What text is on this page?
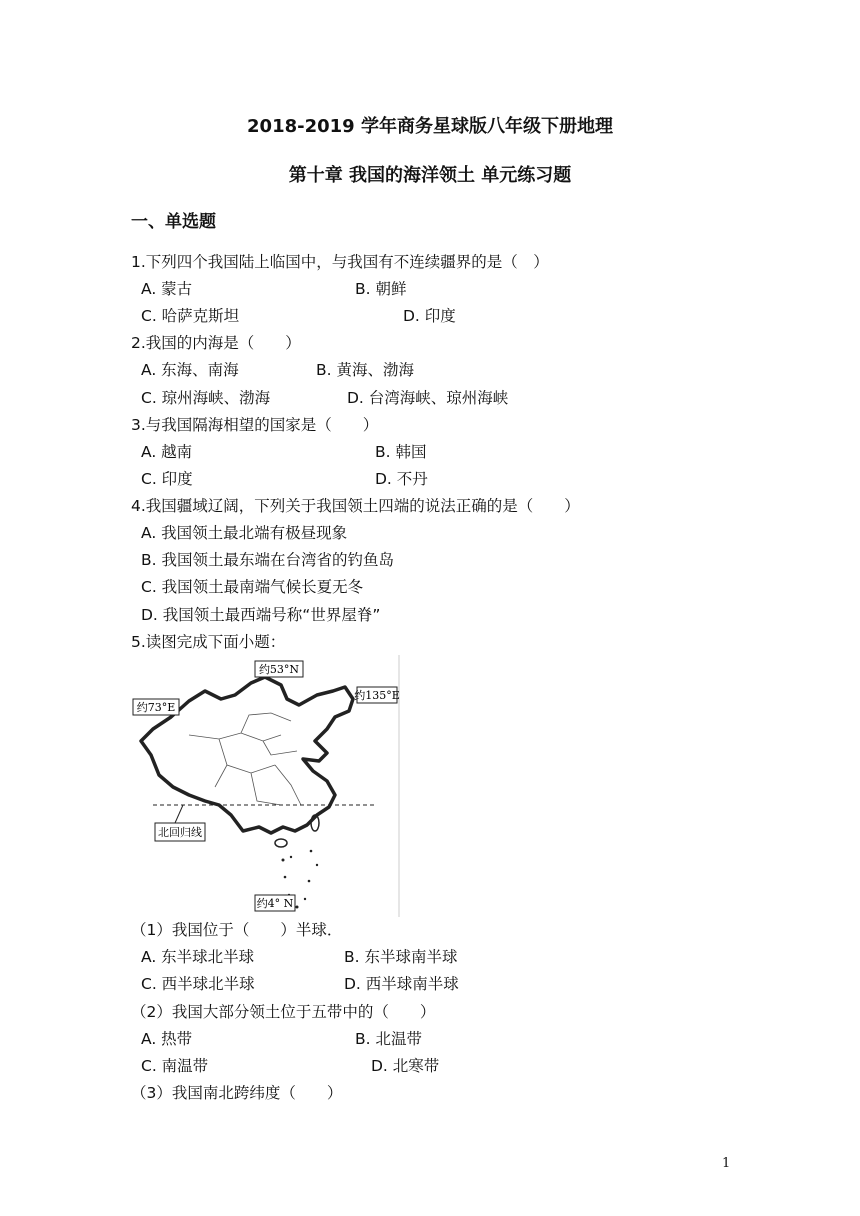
2018-2019 学年商务星球版八年级下册地理
第十章 我国的海洋领土 单元练习题
一、单选题
1.下列四个我国陆上临国中，与我国有不连续疆界的是（　）
A. 蒙古	B. 朝鲜
C. 哈萨克斯坦	D. 印度
2.我国的内海是（　　）
A. 东海、南海	B. 黄海、渤海
C. 琼州海峡、渤海	D. 台湾海峡、琼州海峡
3.与我国隔海相望的国家是（　　）
A. 越南	B. 韩国
C. 印度	D. 不丹
4.我国疆域辽阔，下列关于我国领土四端的说法正确的是（　　）
A. 我国领土最北端有极昼现象
B. 我国领土最东端在台湾省的钓鱼岛
C. 我国领土最南端气候长夏无冬
D. 我国领土最西端号称“世界屋脊”
5.读图完成下面小题：
约53°N
约135°E
约73°E
北回归线
约4° N
（1）我国位于（　　）半球．
A. 东半球北半球	B. 东半球南半球
C. 西半球北半球	D. 西半球南半球
（2）我国大部分领土位于五带中的（　　）
A. 热带	B. 北温带
C. 南温带	D. 北寒带
（3）我国南北跨纬度（　　）
1
